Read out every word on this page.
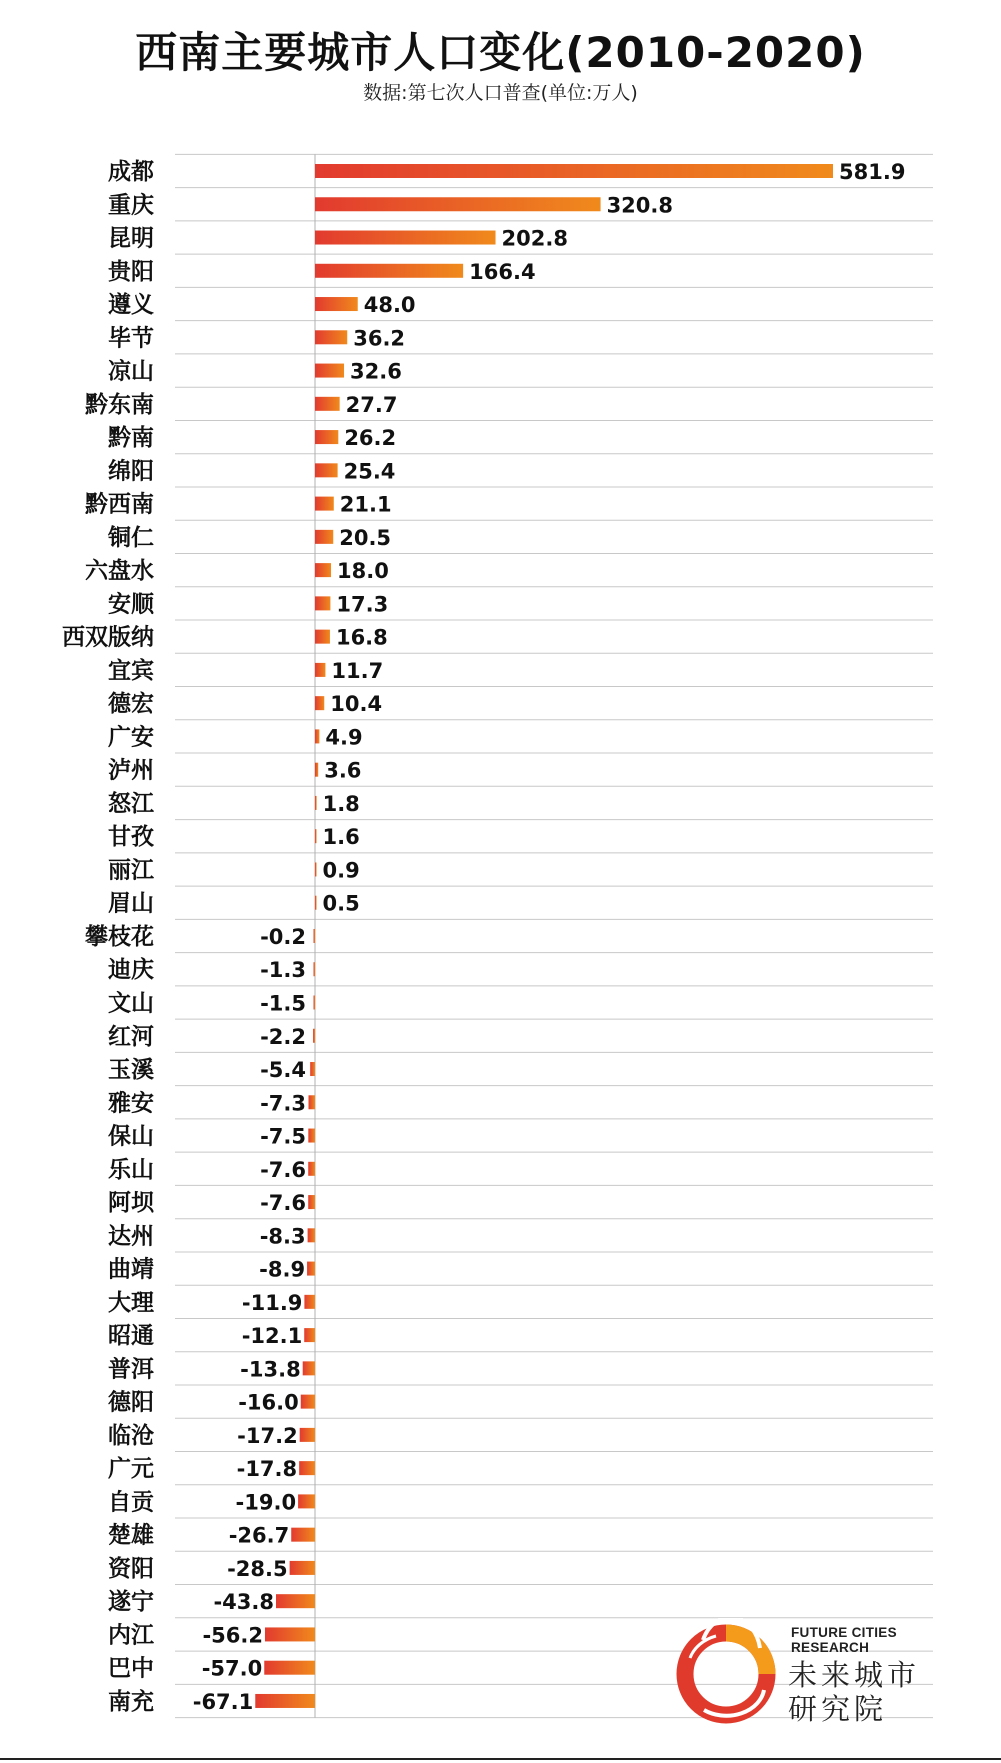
西南主要城市人口变化(2010-2020)
数据:第七次人口普查(单位:万人)
成都	581.9
重庆	320.8
昆明	202.8
贵阳	166.4
遵义	48.0
毕节	36.2
凉山	32.6
黔东南	27.7
黔南	26.2
绵阳	25.4
黔西南	21.1
铜仁	20.5
六盘水	18.0
安顺	17.3
西双版纳	16.8
宜宾	11.7
德宏	10.4
广安	4.9
泸州	3.6
怒江	1.8
甘孜	1.6
丽江	0.9
眉山	0.5
攀枝花	-0.2
迪庆	-1.3
文山	-1.5
红河	-2.2
玉溪	-5.4
雅安	-7.3
保山	-7.5
乐山	-7.6
阿坝	-7.6
达州	-8.3
曲靖	-8.9
大理	-11.9
昭通	-12.1
普洱	-13.8
德阳	-16.0
临沧	-17.2
广元	-17.8
自贡	-19.0
楚雄	-26.7
资阳	-28.5
遂宁	-43.8
内江 -56.2
巴中 -57.0
南充 -67.1
FUTURE CITIES
RESEARCH
未来城市
研究院
